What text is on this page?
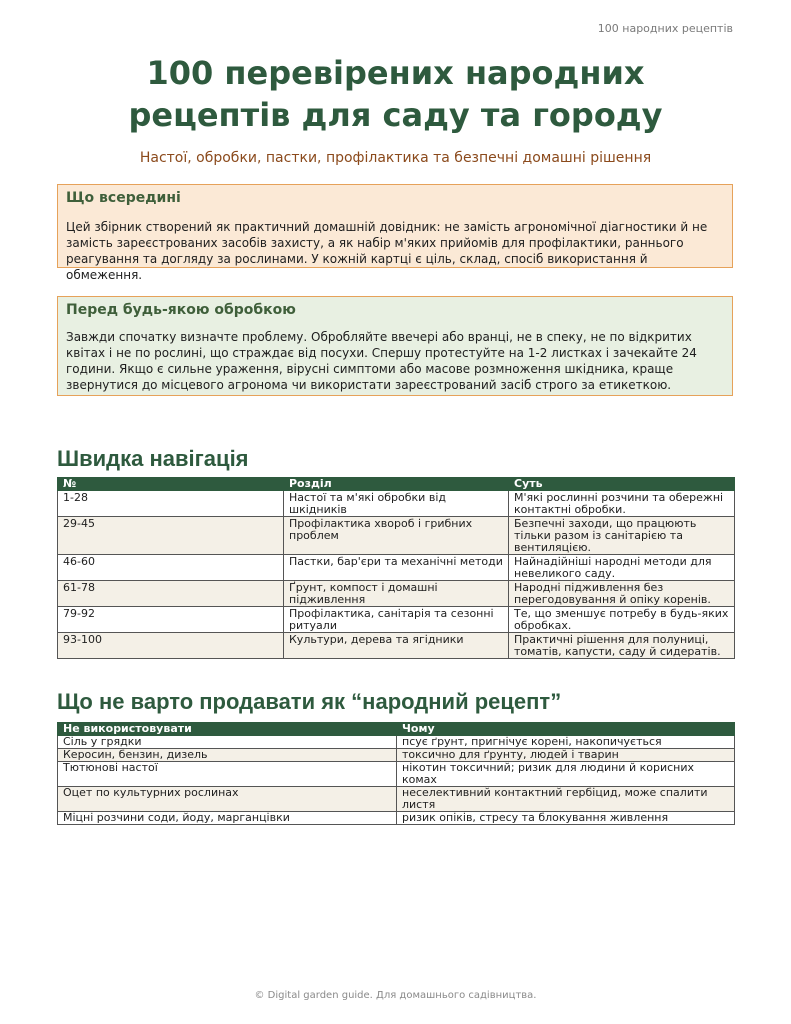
100 народних рецептів
100 перевірених народних
рецептів для саду та городу
Настої, обробки, пастки, профілактика та безпечні домашні рішення
Що всередині
Цей збірник створений як практичний домашній довідник: не замість агрономічної діагностики й не замість зареєстрованих засобів захисту, а як набір м'яких прийомів для профілактики, раннього реагування та догляду за рослинами. У кожній картці є ціль, склад, спосіб використання й обмеження.
Перед будь-якою обробкою
Завжди спочатку визначте проблему. Обробляйте ввечері або вранці, не в спеку, не по відкритих квітах і не по рослині, що страждає від посухи. Спершу протестуйте на 1-2 листках і зачекайте 24 години. Якщо є сильне ураження, вірусні симптоми або масове розмноження шкідника, краще звернутися до місцевого агронома чи використати зареєстрований засіб строго за етикеткою.
Швидка навігація
№	Розділ	Суть
1-28	Настої та м'які обробки від шкідників	М'які рослинні розчини та обережні контактні обробки.
29-45	Профілактика хвороб і грибних проблем	Безпечні заходи, що працюють тільки разом із санітарією та вентиляцією.
46-60	Пастки, бар'єри та механічні методи	Найнадійніші народні методи для невеликого саду.
61-78	Ґрунт, компост і домашні підживлення	Народні підживлення без перегодовування й опіку коренів.
79-92	Профілактика, санітарія та сезонні ритуали	Те, що зменшує потребу в будь-яких обробках.
93-100	Культури, дерева та ягідники	Практичні рішення для полуниці, томатів, капусти, саду й сидератів.
Що не варто продавати як “народний рецепт”
Не використовувати	Чому
Сіль у грядки	псує ґрунт, пригнічує корені, накопичується
Керосин, бензин, дизель	токсично для ґрунту, людей і тварин
Тютюнові настої	нікотин токсичний; ризик для людини й корисних комах
Оцет по культурних рослинах	неселективний контактний гербіцид, може спалити листя
Міцні розчини соди, йоду, марганцівки	ризик опіків, стресу та блокування живлення
© Digital garden guide. Для домашнього садівництва.
